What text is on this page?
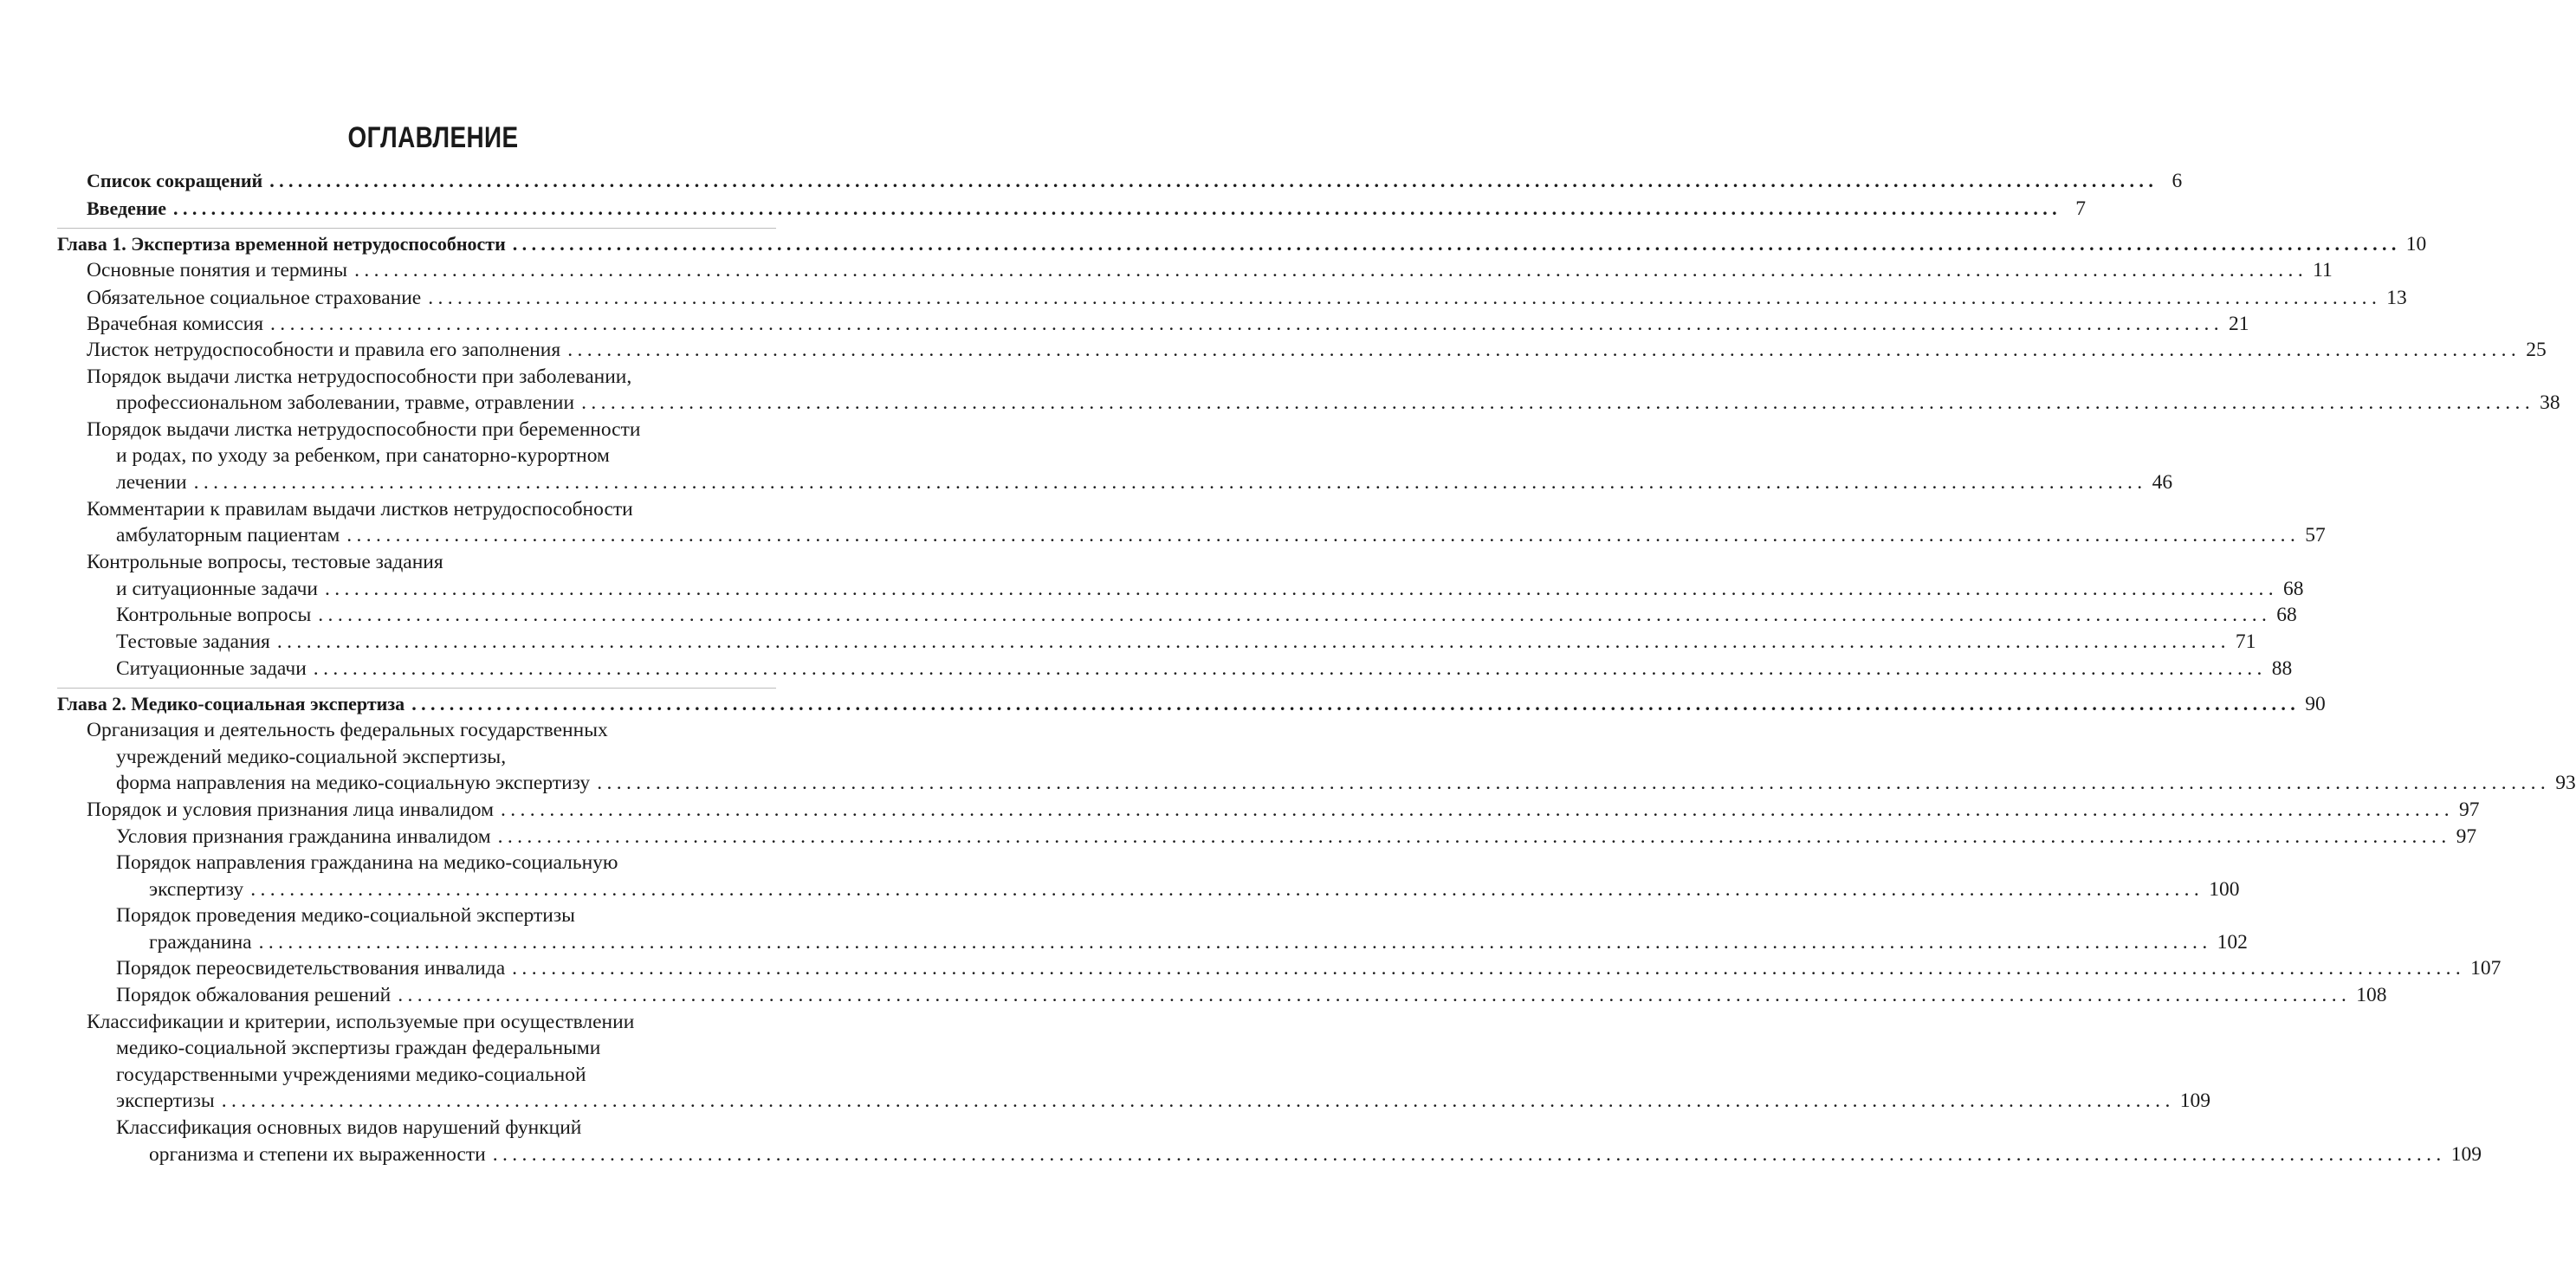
ОГЛАВЛЕНИЕ
Список сокращений ........................................................................................................................................................................................................ 6
Введение ........................................................................................................................................................................................................ 7
Глава 1. Экспертиза временной нетрудоспособности ........................................................................................................................................................................................................ 10
Основные понятия и термины ........................................................................................................................................................................................................ 11
Обязательное социальное страхование ........................................................................................................................................................................................................ 13
Врачебная комиссия ........................................................................................................................................................................................................ 21
Листок нетрудоспособности и правила его заполнения ........................................................................................................................................................................................................ 25
Порядок выдачи листка нетрудоспособности при заболевании,
профессиональном заболевании, травме, отравлении ........................................................................................................................................................................................................ 38
Порядок выдачи листка нетрудоспособности при беременности
и родах, по уходу за ребенком, при санаторно-курортном
лечении ........................................................................................................................................................................................................ 46
Комментарии к правилам выдачи листков нетрудоспособности
амбулаторным пациентам ........................................................................................................................................................................................................ 57
Контрольные вопросы, тестовые задания
и ситуационные задачи ........................................................................................................................................................................................................ 68
Контрольные вопросы ........................................................................................................................................................................................................ 68
Тестовые задания ........................................................................................................................................................................................................ 71
Ситуационные задачи ........................................................................................................................................................................................................ 88
Глава 2. Медико-социальная экспертиза ........................................................................................................................................................................................................ 90
Организация и деятельность федеральных государственных
учреждений медико-социальной экспертизы,
форма направления на медико-социальную экспертизу ........................................................................................................................................................................................................ 93
Порядок и условия признания лица инвалидом ........................................................................................................................................................................................................ 97
Условия признания гражданина инвалидом ........................................................................................................................................................................................................ 97
Порядок направления гражданина на медико-социальную
экспертизу ........................................................................................................................................................................................................ 100
Порядок проведения медико-социальной экспертизы
гражданина ........................................................................................................................................................................................................ 102
Порядок переосвидетельствования инвалида ........................................................................................................................................................................................................ 107
Порядок обжалования решений ........................................................................................................................................................................................................ 108
Классификации и критерии, используемые при осуществлении
медико-социальной экспертизы граждан федеральными
государственными учреждениями медико-социальной
экспертизы ........................................................................................................................................................................................................ 109
Классификация основных видов нарушений функций
организма и степени их выраженности ........................................................................................................................................................................................................ 109
